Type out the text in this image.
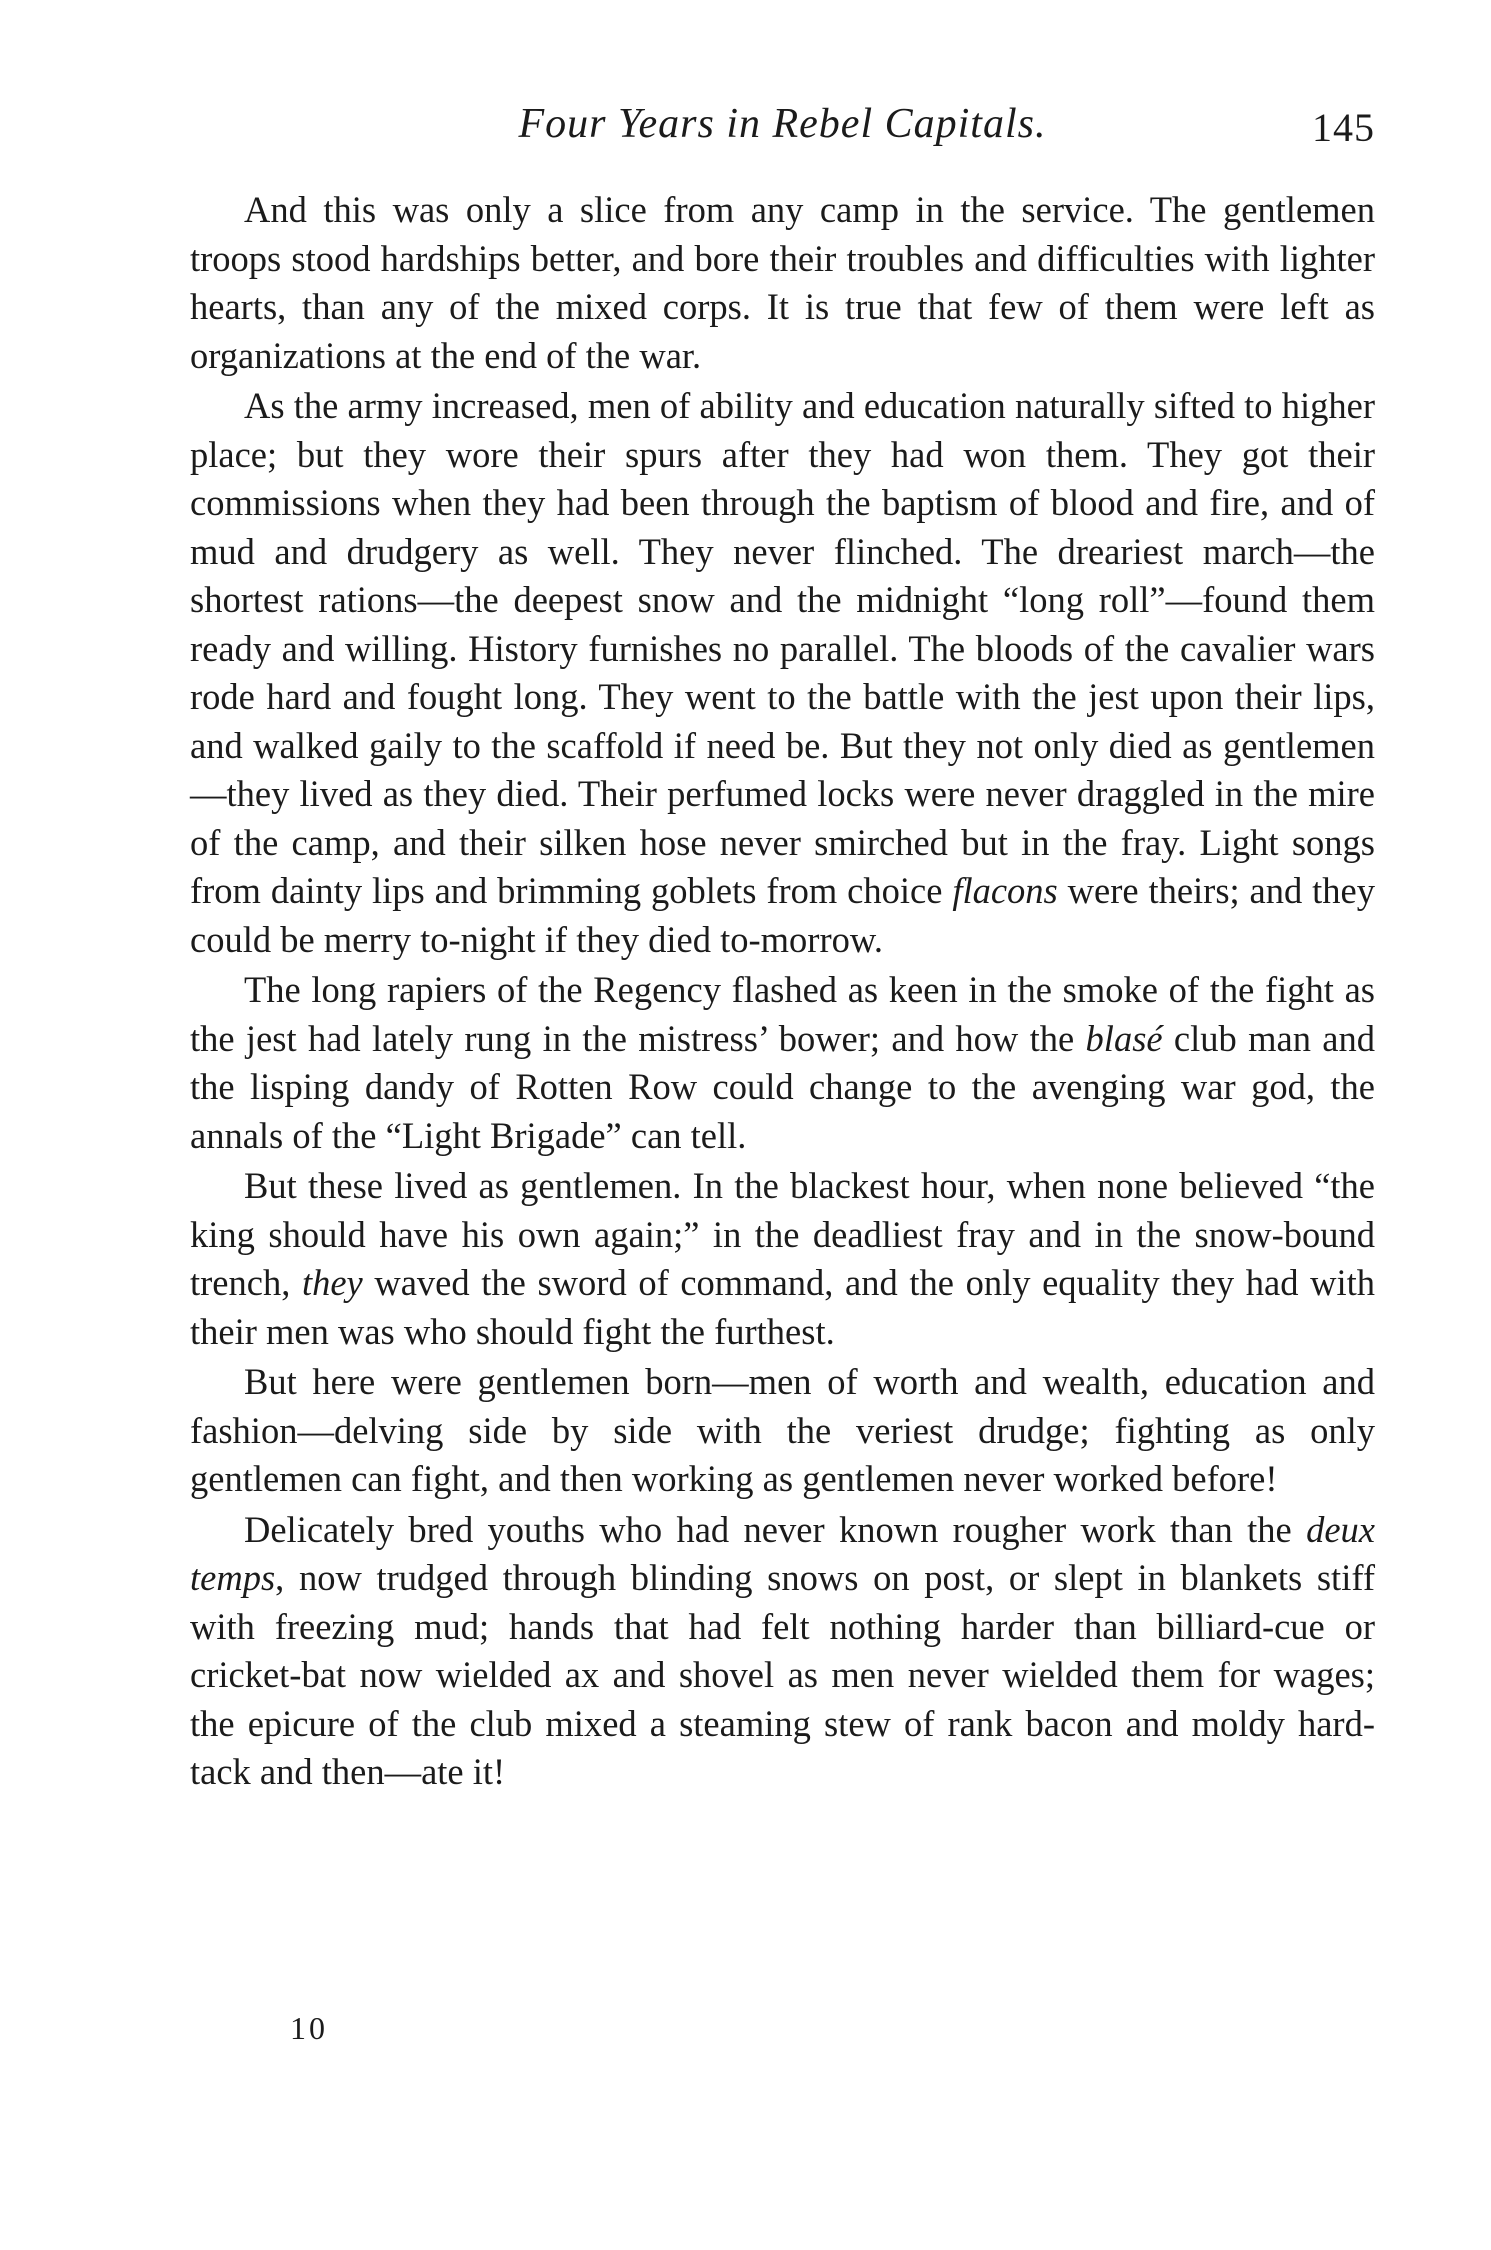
Four Years in Rebel Capitals.	145

And this was only a slice from any camp in the service. The gentlemen troops stood hardships better, and bore their troubles and difficulties with lighter hearts, than any of the mixed corps. It is true that few of them were left as organizations at the end of the war.

As the army increased, men of ability and education naturally sifted to higher place; but they wore their spurs after they had won them. They got their commissions when they had been through the baptism of blood and fire, and of mud and drudgery as well. They never flinched. The dreariest march—the shortest rations—the deepest snow and the midnight “long roll”—found them ready and willing. History furnishes no parallel. The bloods of the cavalier wars rode hard and fought long. They went to the battle with the jest upon their lips, and walked gaily to the scaffold if need be. But they not only died as gentlemen—they lived as they died. Their perfumed locks were never draggled in the mire of the camp, and their silken hose never smirched but in the fray. Light songs from dainty lips and brimming goblets from choice flacons were theirs; and they could be merry to-night if they died to-morrow.

The long rapiers of the Regency flashed as keen in the smoke of the fight as the jest had lately rung in the mistress’ bower; and how the blasé club man and the lisping dandy of Rotten Row could change to the avenging war god, the annals of the “Light Brigade” can tell.

But these lived as gentlemen. In the blackest hour, when none believed “the king should have his own again;” in the deadliest fray and in the snow-bound trench, they waved the sword of command, and the only equality they had with their men was who should fight the furthest.

But here were gentlemen born—men of worth and wealth, education and fashion—delving side by side with the veriest drudge; fighting as only gentlemen can fight, and then working as gentlemen never worked before!

Delicately bred youths who had never known rougher work than the deux temps, now trudged through blinding snows on post, or slept in blankets stiff with freezing mud; hands that had felt nothing harder than billiard-cue or cricket-bat now wielded ax and shovel as men never wielded them for wages; the epicure of the club mixed a steaming stew of rank bacon and moldy hard-tack and then—ate it!

10
